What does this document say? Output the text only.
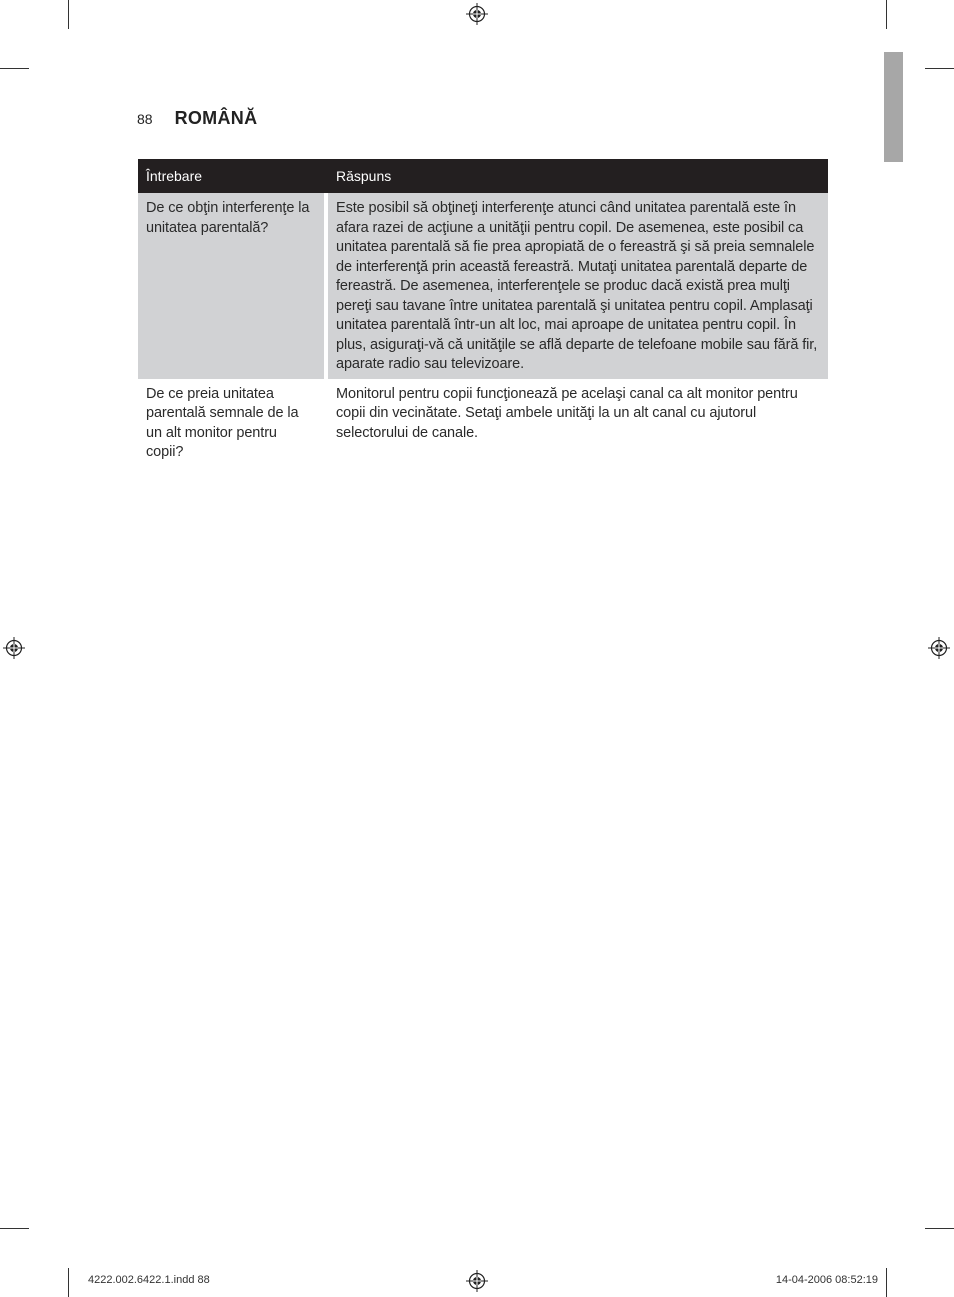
88 ROMÂNĂ
Întrebare	Răspuns
De ce obţin interferenţe la unitatea parentală?	Este posibil să obţineţi interferenţe atunci când unitatea parentală este în afara razei de acţiune a unităţii pentru copil. De asemenea, este posibil ca unitatea parentală să fie prea apropiată de o fereastră şi să preia semnalele de interferenţă prin această fereastră. Mutaţi unitatea parentală departe de fereastră. De asemenea, interferenţele se produc dacă există prea mulţi pereţi sau tavane între unitatea parentală şi unitatea pentru copil. Amplasaţi unitatea parentală într-un alt loc, mai aproape de unitatea pentru copil. În plus, asiguraţi-vă că unităţile se află departe de telefoane mobile sau fără fir, aparate radio sau televizoare.
De ce preia unitatea parentală semnale de la un alt monitor pentru copii?	Monitorul pentru copii funcţionează pe acelaşi canal ca alt monitor pentru copii din vecinătate. Setaţi ambele unităţi la un alt canal cu ajutorul selectorului de canale.
4222.002.6422.1.indd 88	14-04-2006 08:52:19
